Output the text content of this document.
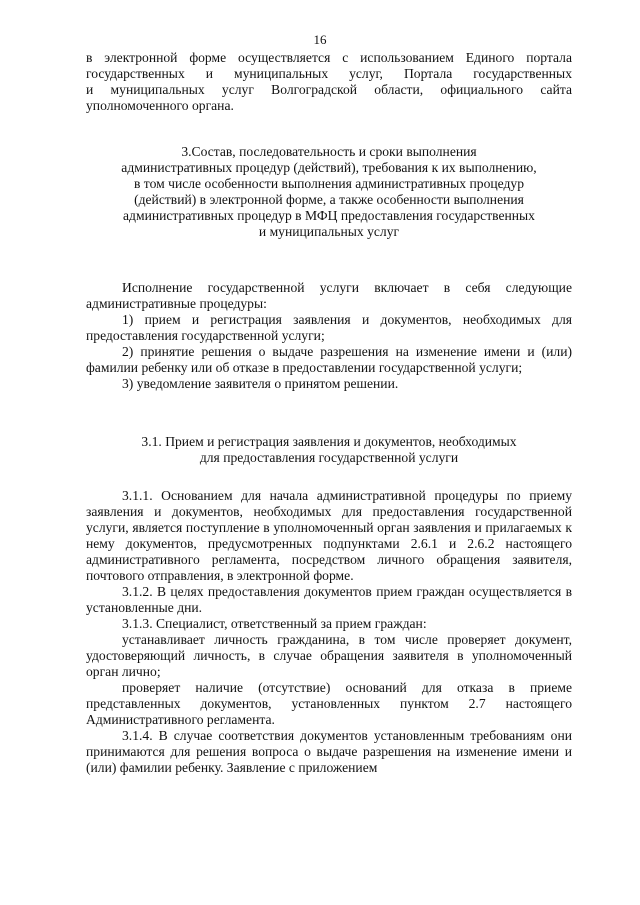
16

в электронной форме осуществляется с использованием Единого портала

государственных и муниципальных услуг, Портала государственных

и муниципальных услуг Волгоградской области, официального сайта

уполномоченного органа.

3.Состав, последовательность и сроки выполнения

административных процедур (действий), требования к их выполнению,

в том числе особенности выполнения административных процедур

(действий) в электронной форме, а также особенности выполнения

административных процедур в МФЦ предоставления государственных

и муниципальных услуг

Исполнение государственной услуги включает в себя следующие административные процедуры:

1) прием и регистрация заявления и документов, необходимых для предоставления государственной услуги;

2) принятие решения о выдаче разрешения на изменение имени и (или) фамилии ребенку или об отказе в предоставлении государственной услуги;

3) уведомление заявителя о принятом решении.

3.1. Прием и регистрация заявления и документов, необходимых

для предоставления государственной услуги

3.1.1. Основанием для начала административной процедуры по приему заявления и документов, необходимых для предоставления государственной услуги, является поступление в уполномоченный орган заявления и прилагаемых к нему документов, предусмотренных подпунктами 2.6.1 и 2.6.2 настоящего административного регламента, посредством личного обращения заявителя, почтового отправления, в электронной форме.

3.1.2. В целях предоставления документов прием граждан осуществляется в установленные дни.

3.1.3. Специалист, ответственный за прием граждан:

устанавливает личность гражданина, в том числе проверяет документ, удостоверяющий личность, в случае обращения заявителя в уполномоченный орган лично;

проверяет наличие (отсутствие) оснований для отказа в приеме представленных документов, установленных пунктом 2.7 настоящего Административного регламента.

3.1.4. В случае соответствия документов установленным требованиям они принимаются для решения вопроса о выдаче разрешения на изменение имени и (или) фамилии ребенку. Заявление с приложением
